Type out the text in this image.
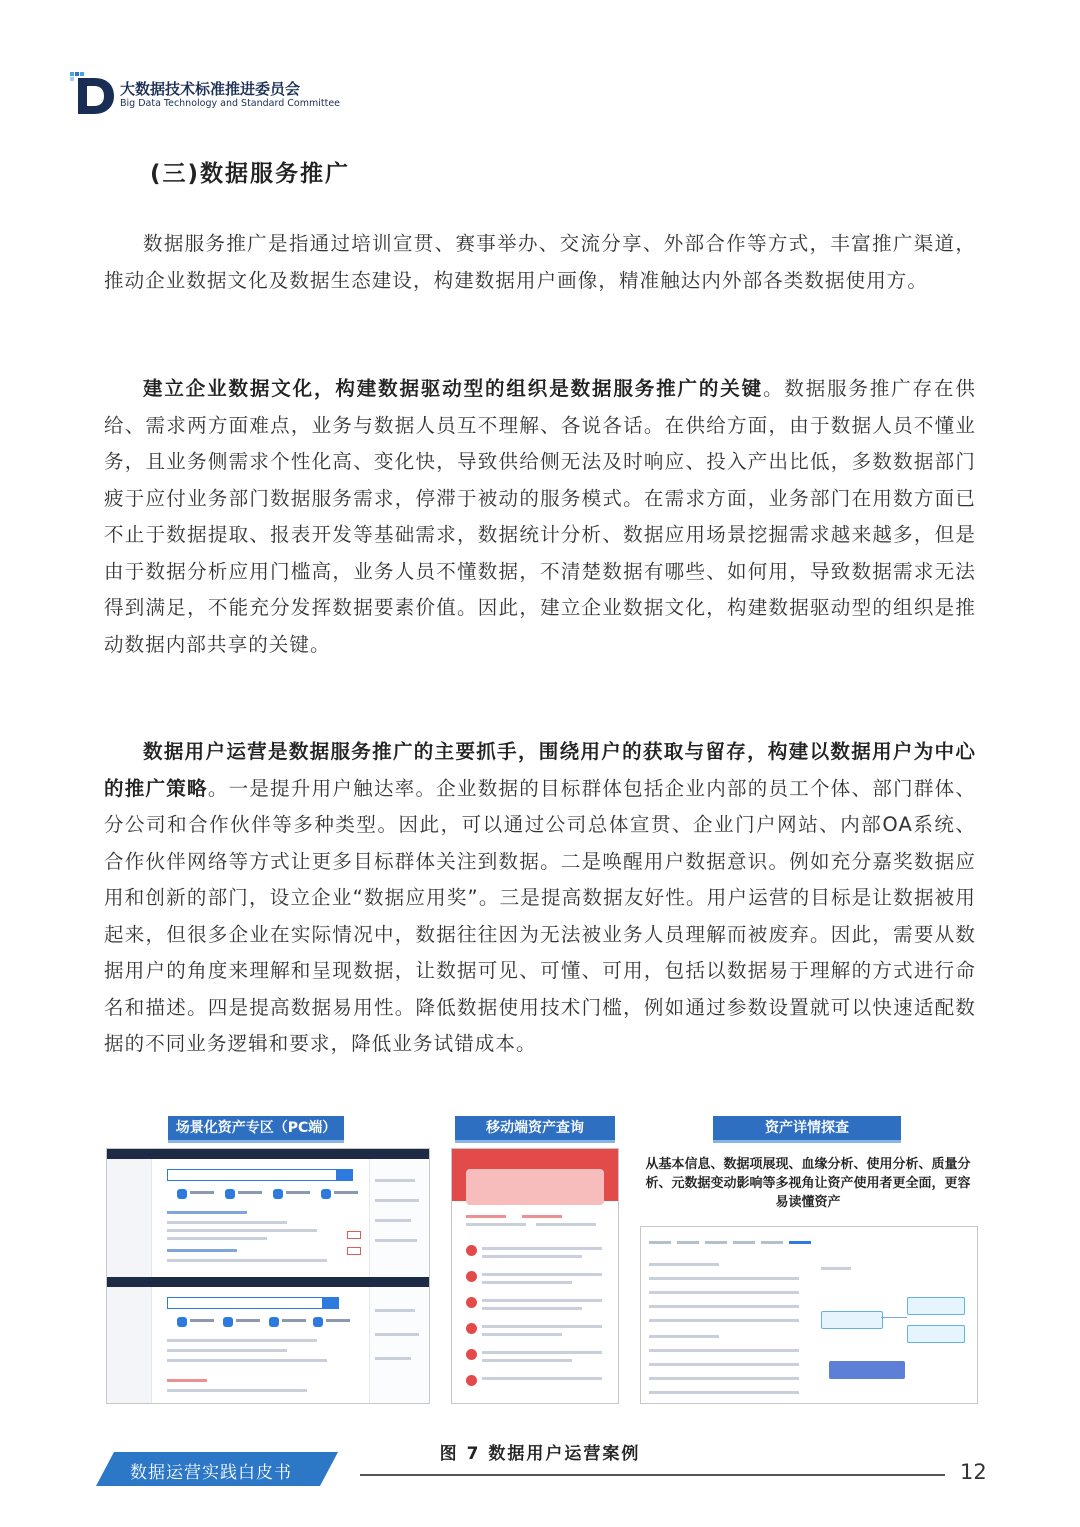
大数据技术标准推进委员会
Big Data Technology and Standard Committee
(三)数据服务推广

数据服务推广是指通过培训宣贯、赛事举办、交流分享、外部合作等方式，丰富推广渠道，推动企业数据文化及数据生态建设，构建数据用户画像，精准触达内外部各类数据使用方。

建立企业数据文化，构建数据驱动型的组织是数据服务推广的关键。数据服务推广存在供给、需求两方面难点，业务与数据人员互不理解、各说各话。在供给方面，由于数据人员不懂业务，且业务侧需求个性化高、变化快，导致供给侧无法及时响应、投入产出比低，多数数据部门疲于应付业务部门数据服务需求，停滞于被动的服务模式。在需求方面，业务部门在用数方面已不止于数据提取、报表开发等基础需求，数据统计分析、数据应用场景挖掘需求越来越多，但是由于数据分析应用门槛高，业务人员不懂数据，不清楚数据有哪些、如何用，导致数据需求无法得到满足，不能充分发挥数据要素价值。因此，建立企业数据文化，构建数据驱动型的组织是推动数据内部共享的关键。

数据用户运营是数据服务推广的主要抓手，围绕用户的获取与留存，构建以数据用户为中心的推广策略。一是提升用户触达率。企业数据的目标群体包括企业内部的员工个体、部门群体、分公司和合作伙伴等多种类型。因此，可以通过公司总体宣贯、企业门户网站、内部OA系统、合作伙伴网络等方式让更多目标群体关注到数据。二是唤醒用户数据意识。例如充分嘉奖数据应用和创新的部门，设立企业“数据应用奖”。三是提高数据友好性。用户运营的目标是让数据被用起来，但很多企业在实际情况中，数据往往因为无法被业务人员理解而被废弃。因此，需要从数据用户的角度来理解和呈现数据，让数据可见、可懂、可用，包括以数据易于理解的方式进行命名和描述。四是提高数据易用性。降低数据使用技术门槛，例如通过参数设置就可以快速适配数据的不同业务逻辑和要求，降低业务试错成本。

场景化资产专区（PC端）	移动端资产查询	资产详情探查

从基本信息、数据项展现、血缘分析、使用分析、质量分析、元数据变动影响等多视角让资产使用者更全面，更容易读懂资产

图 7 数据用户运营案例
数据运营实践白皮书	12
